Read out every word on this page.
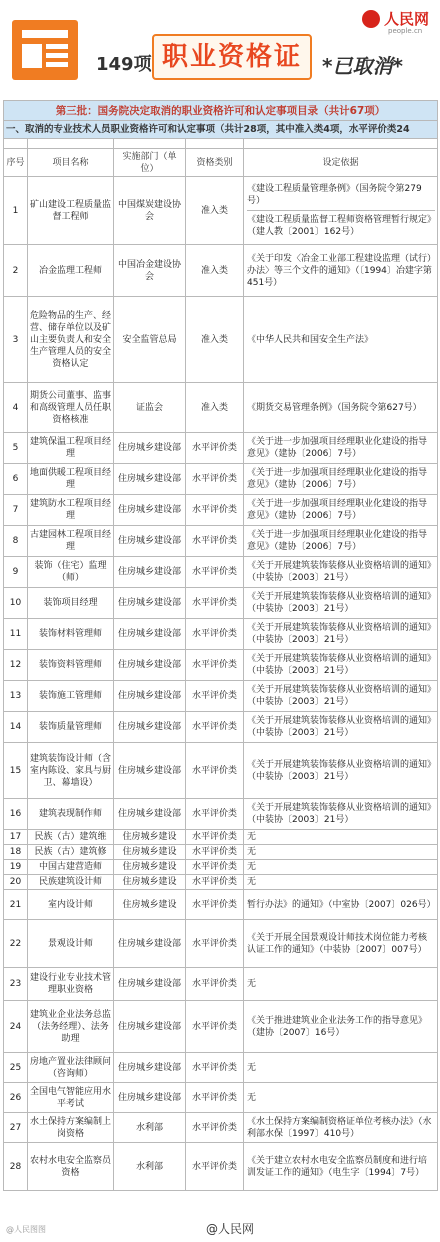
149项 职业资格证	*已取消*
人民网
people.cn
第三批：国务院决定取消的职业资格许可和认定事项目录（共计67项）				
一、取消的专业技术人员职业资格许可和认定事项（共计28项，其中准入类4项，水平评价类24				

序号	项目名称	实施部门（单位）	资格类别	设定依据
1	矿山建设工程质量监督工程师	中国煤炭建设协会	准入类	《建设工程质量管理条例》（国务院令第279号）
《建设工程质量监督工程师资格管理暂行规定》（建人教〔2001〕162号）

2	冶金监理工程师	中国冶金建设协会	准入类	《关于印发〈冶金工业部工程建设监理（试行）办法〉等三个文件的通知》（〔1994〕冶建字第451号）

3	危险物品的生产、经营、储存单位以及矿山主要负责人和安全生产管理人员的安全资格认定	安全监管总局	准入类	《中华人民共和国安全生产法》

4	期货公司董事、监事和高级管理人员任职资格核准	证监会	准入类	《期货交易管理条例》（国务院令第627号）

5	建筑保温工程项目经理	住房城乡建设部	水平评价类	《关于进一步加强项目经理职业化建设的指导意见》（建协〔2006〕7号）

6	地面供暖工程项目经理	住房城乡建设部	水平评价类	《关于进一步加强项目经理职业化建设的指导意见》（建协〔2006〕7号）

7	建筑防水工程项目经理	住房城乡建设部	水平评价类	《关于进一步加强项目经理职业化建设的指导意见》（建协〔2006〕7号）

8	古建园林工程项目经理	住房城乡建设部	水平评价类	《关于进一步加强项目经理职业化建设的指导意见》（建协〔2006〕7号）

9	装饰（住宅）监理（师）	住房城乡建设部	水平评价类	《关于开展建筑装饰装修从业资格培训的通知》（中装协〔2003〕21号）

10	装饰项目经理	住房城乡建设部	水平评价类	《关于开展建筑装饰装修从业资格培训的通知》（中装协〔2003〕21号）

11	装饰材料管理师	住房城乡建设部	水平评价类	《关于开展建筑装饰装修从业资格培训的通知》（中装协〔2003〕21号）

12	装饰资料管理师	住房城乡建设部	水平评价类	《关于开展建筑装饰装修从业资格培训的通知》（中装协〔2003〕21号）

13	装饰施工管理师	住房城乡建设部	水平评价类	《关于开展建筑装饰装修从业资格培训的通知》（中装协〔2003〕21号）

14	装饰质量管理师	住房城乡建设部	水平评价类	《关于开展建筑装饰装修从业资格培训的通知》（中装协〔2003〕21号）

15	建筑装饰设计师（含室内陈设、家具与厨卫、幕墙设）	住房城乡建设部	水平评价类	《关于开展建筑装饰装修从业资格培训的通知》（中装协〔2003〕21号）

16	建筑表现制作师	住房城乡建设部	水平评价类	《关于开展建筑装饰装修从业资格培训的通知》（中装协〔2003〕21号）

17	民族（古）建筑维	住房城乡建设	水平评价类	无

18	民族（古）建筑修	住房城乡建设	水平评价类	无

19	中国古建营造师	住房城乡建设	水平评价类	无

20	民族建筑设计师	住房城乡建设	水平评价类	无

21	室内设计师	住房城乡建设	水平评价类	暂行办法》的通知》（中室协〔2007〕026号）

22	景观设计师	住房城乡建设部	水平评价类	《关于开展全国景观设计师技术岗位能力考核认证工作的通知》（中装协〔2007〕007号）

23	建设行业专业技术管理职业资格	住房城乡建设部	水平评价类	无

24	建筑业企业法务总监（法务经理）、法务助理	住房城乡建设部	水平评价类	《关于推进建筑业企业法务工作的指导意见》（建协〔2007〕16号）

25	房地产置业法律顾问（咨询师）	住房城乡建设部	水平评价类	无

26	全国电气智能应用水平考试	住房城乡建设部	水平评价类	无

27	水土保持方案编制上岗资格	水利部	水平评价类	《水土保持方案编制资格证单位考核办法》（水利部水保〔1997〕410号）

28	农村水电安全监察员资格	水利部	水平评价类	《关于建立农村水电安全监察员制度和进行培训发证工作的通知》（电生字〔1994〕7号）
@人民图图	@人民网
